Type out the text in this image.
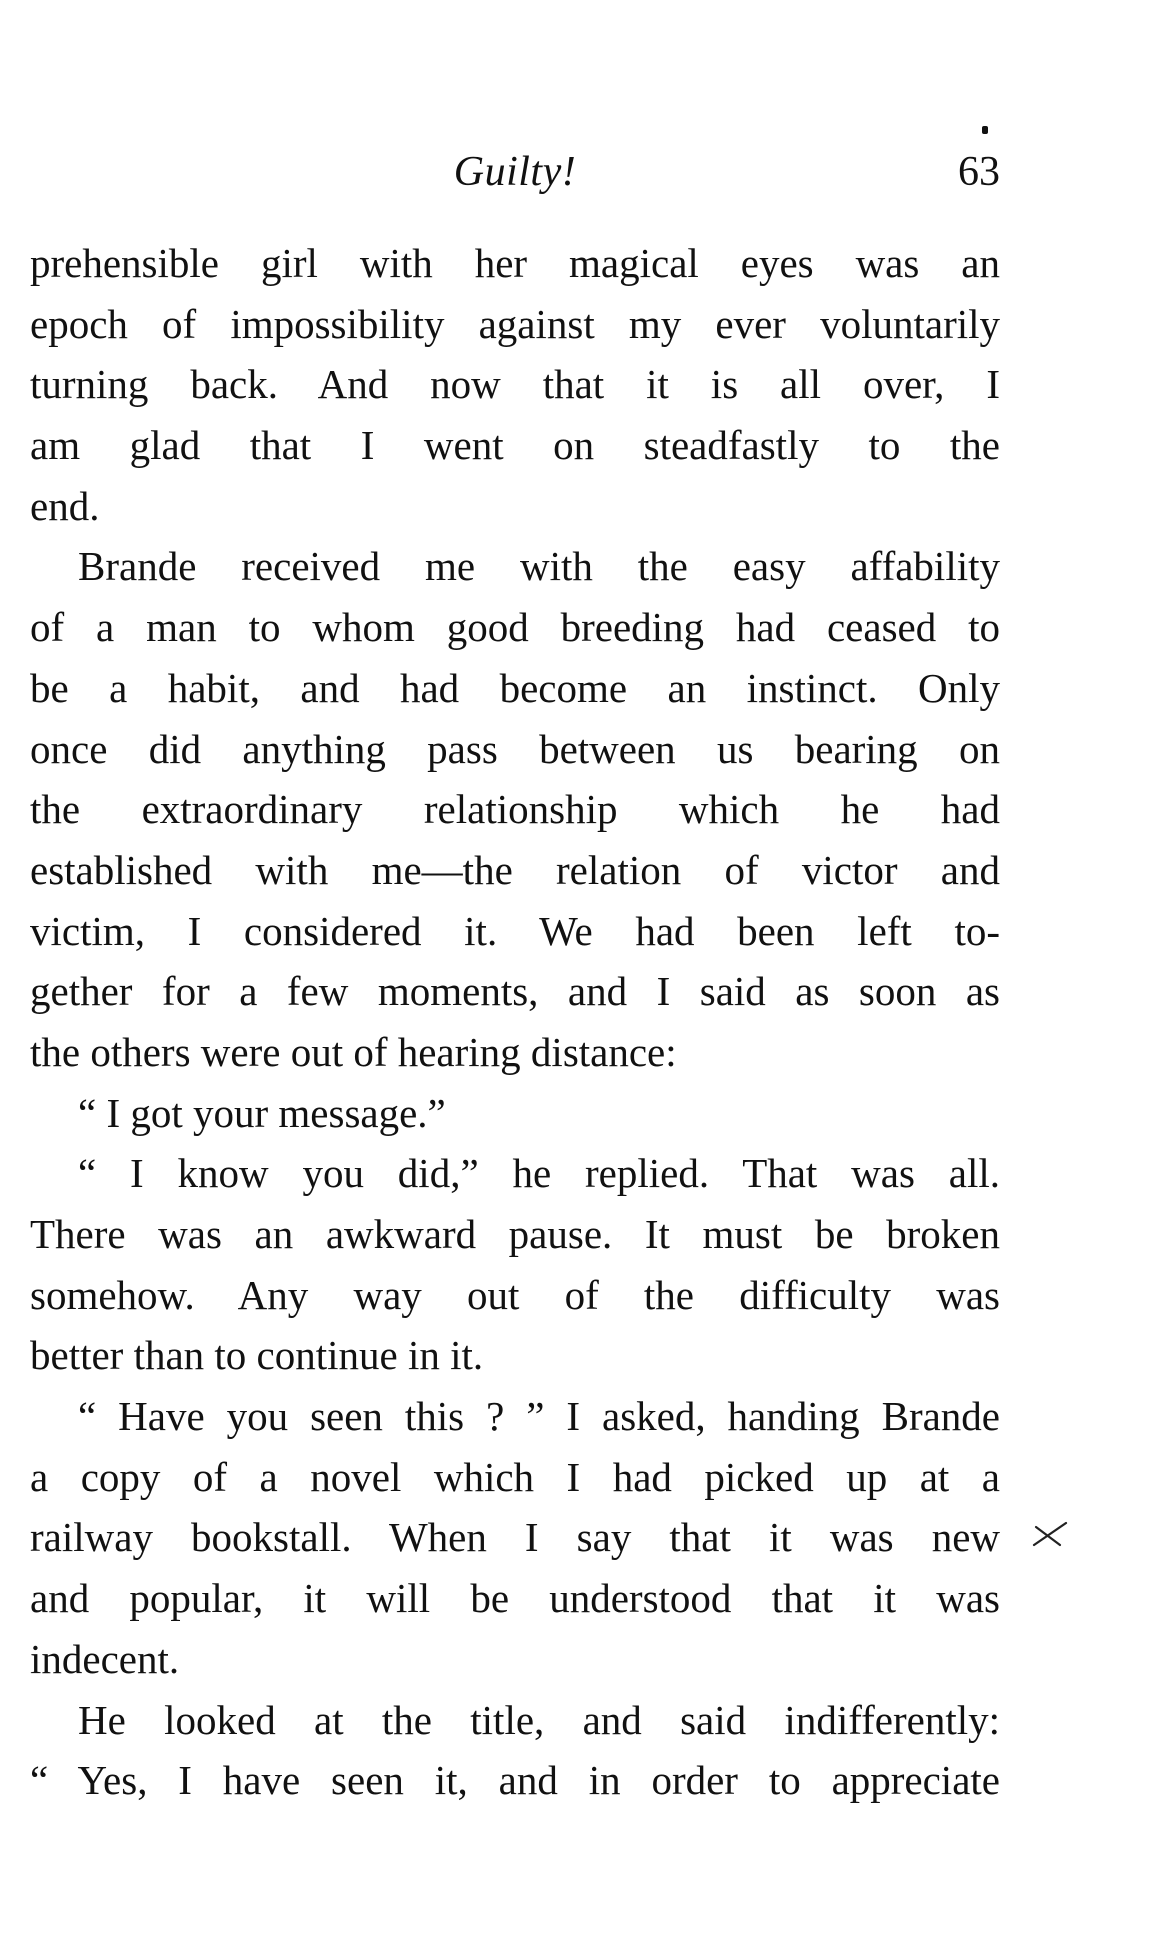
Guilty!	63
prehensible girl with her magical eyes was an
epoch of impossibility against my ever voluntarily
turning back. And now that it is all over, I
am glad that I went on steadfastly to the
end.
Brande received me with the easy affability
of a man to whom good breeding had ceased to
be a habit, and had become an instinct. Only
once did anything pass between us bearing on
the extraordinary relationship which he had
established with me—the relation of victor and
victim, I considered it. We had been left to-
gether for a few moments, and I said as soon as
the others were out of hearing distance:
“ I got your message.”
“ I know you did,” he replied. That was all.
There was an awkward pause. It must be broken
somehow. Any way out of the difficulty was
better than to continue in it.
“ Have you seen this ? ” I asked, handing Brande
a copy of a novel which I had picked up at a
railway bookstall. When I say that it was new
and popular, it will be understood that it was
indecent.
He looked at the title, and said indifferently:
“ Yes, I have seen it, and in order to appreciate
